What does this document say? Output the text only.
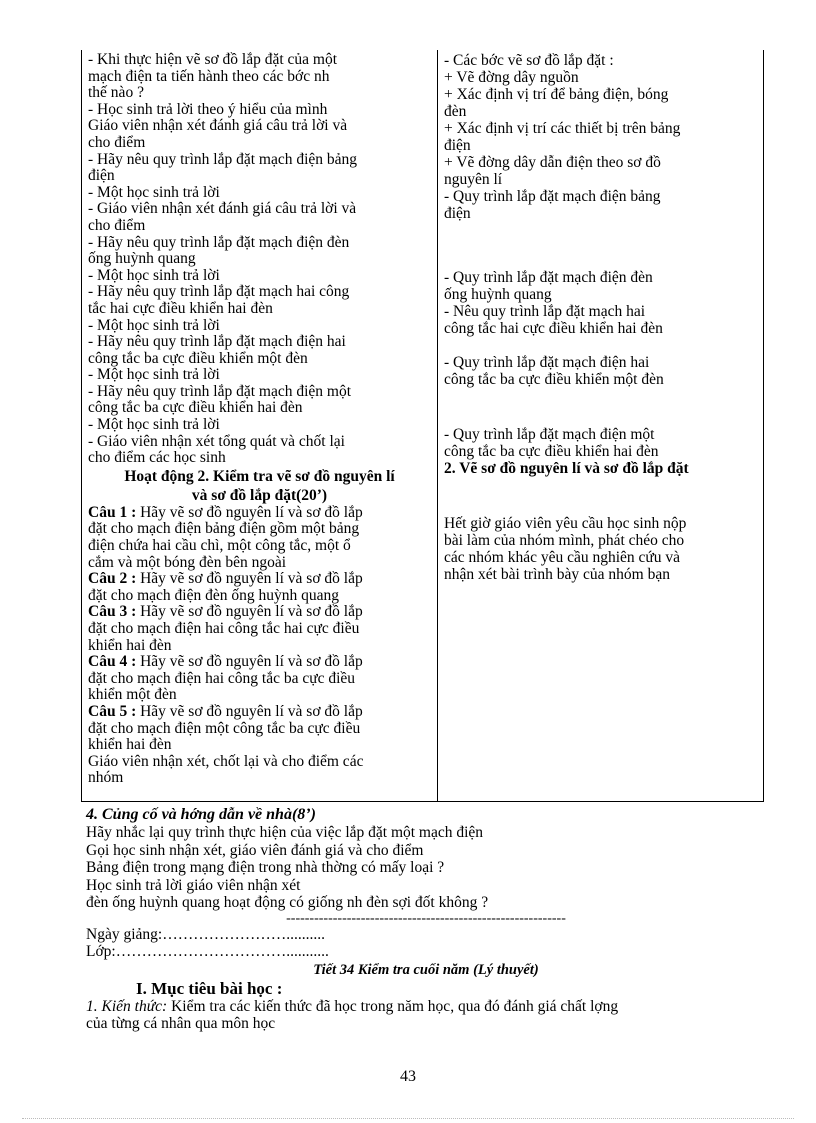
- Khi thực hiện vẽ sơ đồ lắp đặt của một
mạch điện ta tiến hành theo các bớc nh
thế nào ?
- Học sinh trả lời theo ý hiểu của mình
Giáo viên nhận xét đánh giá câu trả lời và
cho điểm
- Hãy nêu quy trình lắp đặt mạch điện bảng
điện
- Một học sinh trả lời
- Giáo viên nhận xét đánh giá câu trả lời và
cho điểm
- Hãy nêu quy trình lắp đặt mạch điện đèn
ống huỳnh quang
- Một học sinh trả lời
- Hãy nêu quy trình lắp đặt mạch hai công
tắc hai cực điều khiển hai đèn
- Một học sinh trả lời
- Hãy nêu quy trình lắp đặt mạch điện hai
công tắc ba cực điều khiển một đèn
- Một học sinh trả lời
- Hãy nêu quy trình lắp đặt mạch điện một
công tắc ba cực điều khiển hai đèn
- Một học sinh trả lời
- Giáo viên nhận xét tổng quát và chốt lại
cho điểm các học sinh
Hoạt động 2. Kiểm tra vẽ sơ đồ nguyên lí
và sơ đồ lắp đặt(20’)
Câu 1 : Hãy vẽ sơ đồ nguyên lí và sơ đồ lắp
đặt cho mạch điện bảng điện gồm một bảng
điện chứa hai cầu chì, một công tắc, một ổ
cắm và một bóng đèn bên ngoài
Câu 2 : Hãy vẽ sơ đồ nguyên lí và sơ đồ lắp
đặt cho mạch điện đèn ống huỳnh quang
Câu 3 : Hãy vẽ sơ đồ nguyên lí và sơ đồ lắp
đặt cho mạch điện hai công tắc hai cực điều
khiển hai đèn
Câu 4 : Hãy vẽ sơ đồ nguyên lí và sơ đồ lắp
đặt cho mạch điện hai công tắc ba cực điều
khiển một đèn
Câu 5 : Hãy vẽ sơ đồ nguyên lí và sơ đồ lắp
đặt cho mạch điện một công tắc ba cực điều
khiển hai đèn
Giáo viên nhận xét, chốt lại và cho điểm các
nhóm
- Các bớc vẽ sơ đồ lắp đặt :
+ Vẽ đờng dây nguồn
+ Xác định vị trí để bảng điện, bóng
đèn
+ Xác định vị trí các thiết bị trên bảng
điện
+ Vẽ đờng dây dẫn điện theo sơ đồ
nguyên lí
- Quy trình lắp đặt mạch điện bảng
điện
- Quy trình lắp đặt mạch điện đèn
ống huỳnh quang
- Nêu quy trình lắp đặt mạch hai
công tắc hai cực điều khiển hai đèn
- Quy trình lắp đặt mạch điện hai
công tắc ba cực điều khiển một đèn
- Quy trình lắp đặt mạch điện một
công tắc ba cực điều khiển hai đèn
2. Vẽ sơ đồ nguyên lí và sơ đồ lắp đặt
Hết giờ giáo viên yêu cầu học sinh nộp
bài làm của nhóm mình, phát chéo cho
các nhóm khác yêu cầu nghiên cứu và
nhận xét bài trình bày của nhóm bạn
4. Củng cố và hớng dẫn về nhà(8’)
Hãy nhắc lại quy trình thực hiện của việc lắp đặt một mạch điện
Gọi học sinh nhận xét, giáo viên đánh giá và cho điểm
Bảng điện trong mạng điện trong nhà thờng có mấy loại ?
Học sinh trả lời giáo viên nhận xét
đèn ống huỳnh quang hoạt động có giống nh đèn sợi đốt không ?
------------------------------------------------------------
Ngày giảng:……………………..........
Lớp:……………………………...........
Tiết 34 Kiểm tra cuối năm (Lý thuyết)
I. Mục tiêu bài học :
1. Kiến thức: Kiểm tra các kiến thức đã học trong năm học, qua đó đánh giá chất lợng
của từng cá nhân qua môn học
43
